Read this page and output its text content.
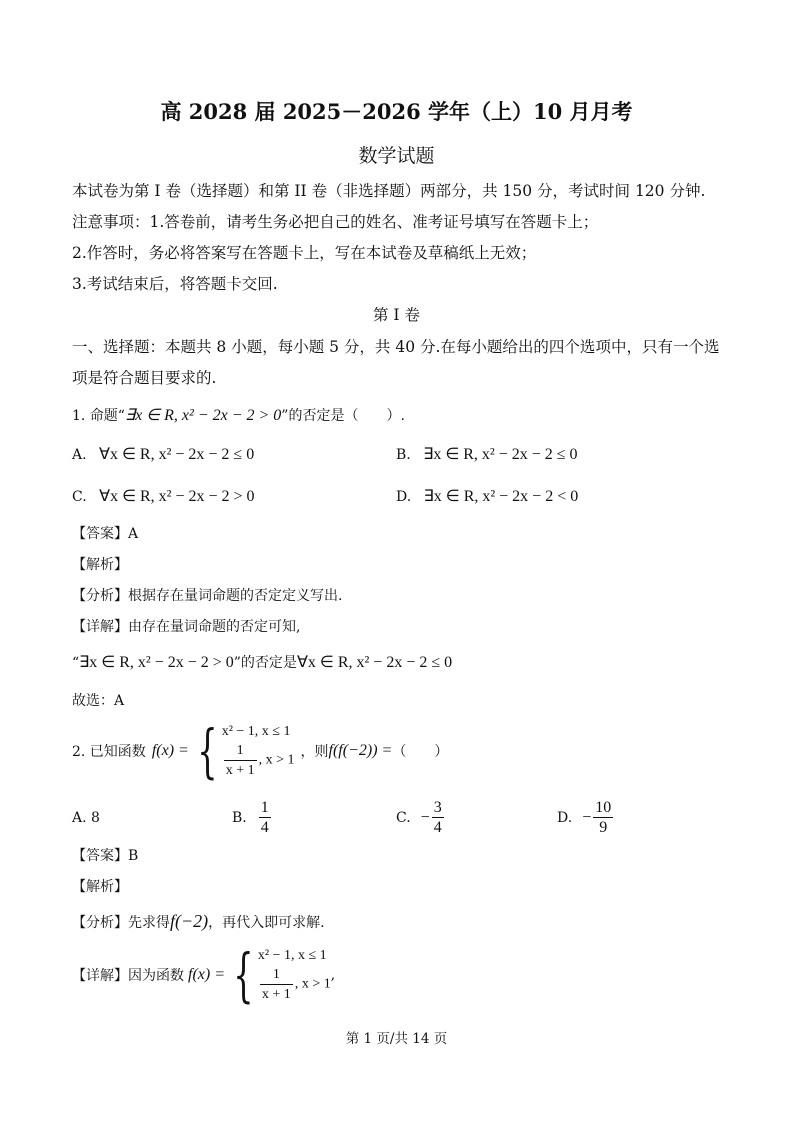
高 2028 届 2025－2026 学年（上）10 月月考
数学试题
本试卷为第 I 卷（选择题）和第 II 卷（非选择题）两部分，共 150 分，考试时间 120 分钟.
注意事项：1.答卷前，请考生务必把自己的姓名、准考证号填写在答题卡上；
2.作答时，务必将答案写在答题卡上，写在本试卷及草稿纸上无效；
3.考试结束后，将答题卡交回.
第 I 卷
一、选择题：本题共 8 小题，每小题 5 分，共 40 分.在每小题给出的四个选项中，只有一个选
项是符合题目要求的.
1. 命题“∃x ∈ R, x² − 2x − 2 > 0”的否定是（　　）.
A. ∀x ∈ R, x² − 2x − 2 ≤ 0	B. ∃x ∈ R, x² − 2x − 2 ≤ 0
C. ∀x ∈ R, x² − 2x − 2 > 0	D. ∃x ∈ R, x² − 2x − 2 < 0
【答案】A
【解析】
【分析】根据存在量词命题的否定定义写出.
【详解】由存在量词命题的否定可知,
“∃x ∈ R, x² − 2x − 2 > 0”的否定是∀x ∈ R, x² − 2x − 2 ≤ 0
故选：A
2. 已知函数 f(x) = { x² − 1, x ≤ 1
$\frac{1}{x + 1}$ , x > 1 ，则 f(f(−2)) = （　　）
A. 8	B. $\frac{1}{4}$	C. − $\frac{3}{4}$	D. − $\frac{10}{9}$
【答案】B
【解析】
【分析】先求得f(−2)，再代入即可求解.
【详解】因为函数 f(x) = { x² − 1, x ≤ 1
$\frac{1}{x + 1}$ , x > 1
,
第 1 页/共 14 页
